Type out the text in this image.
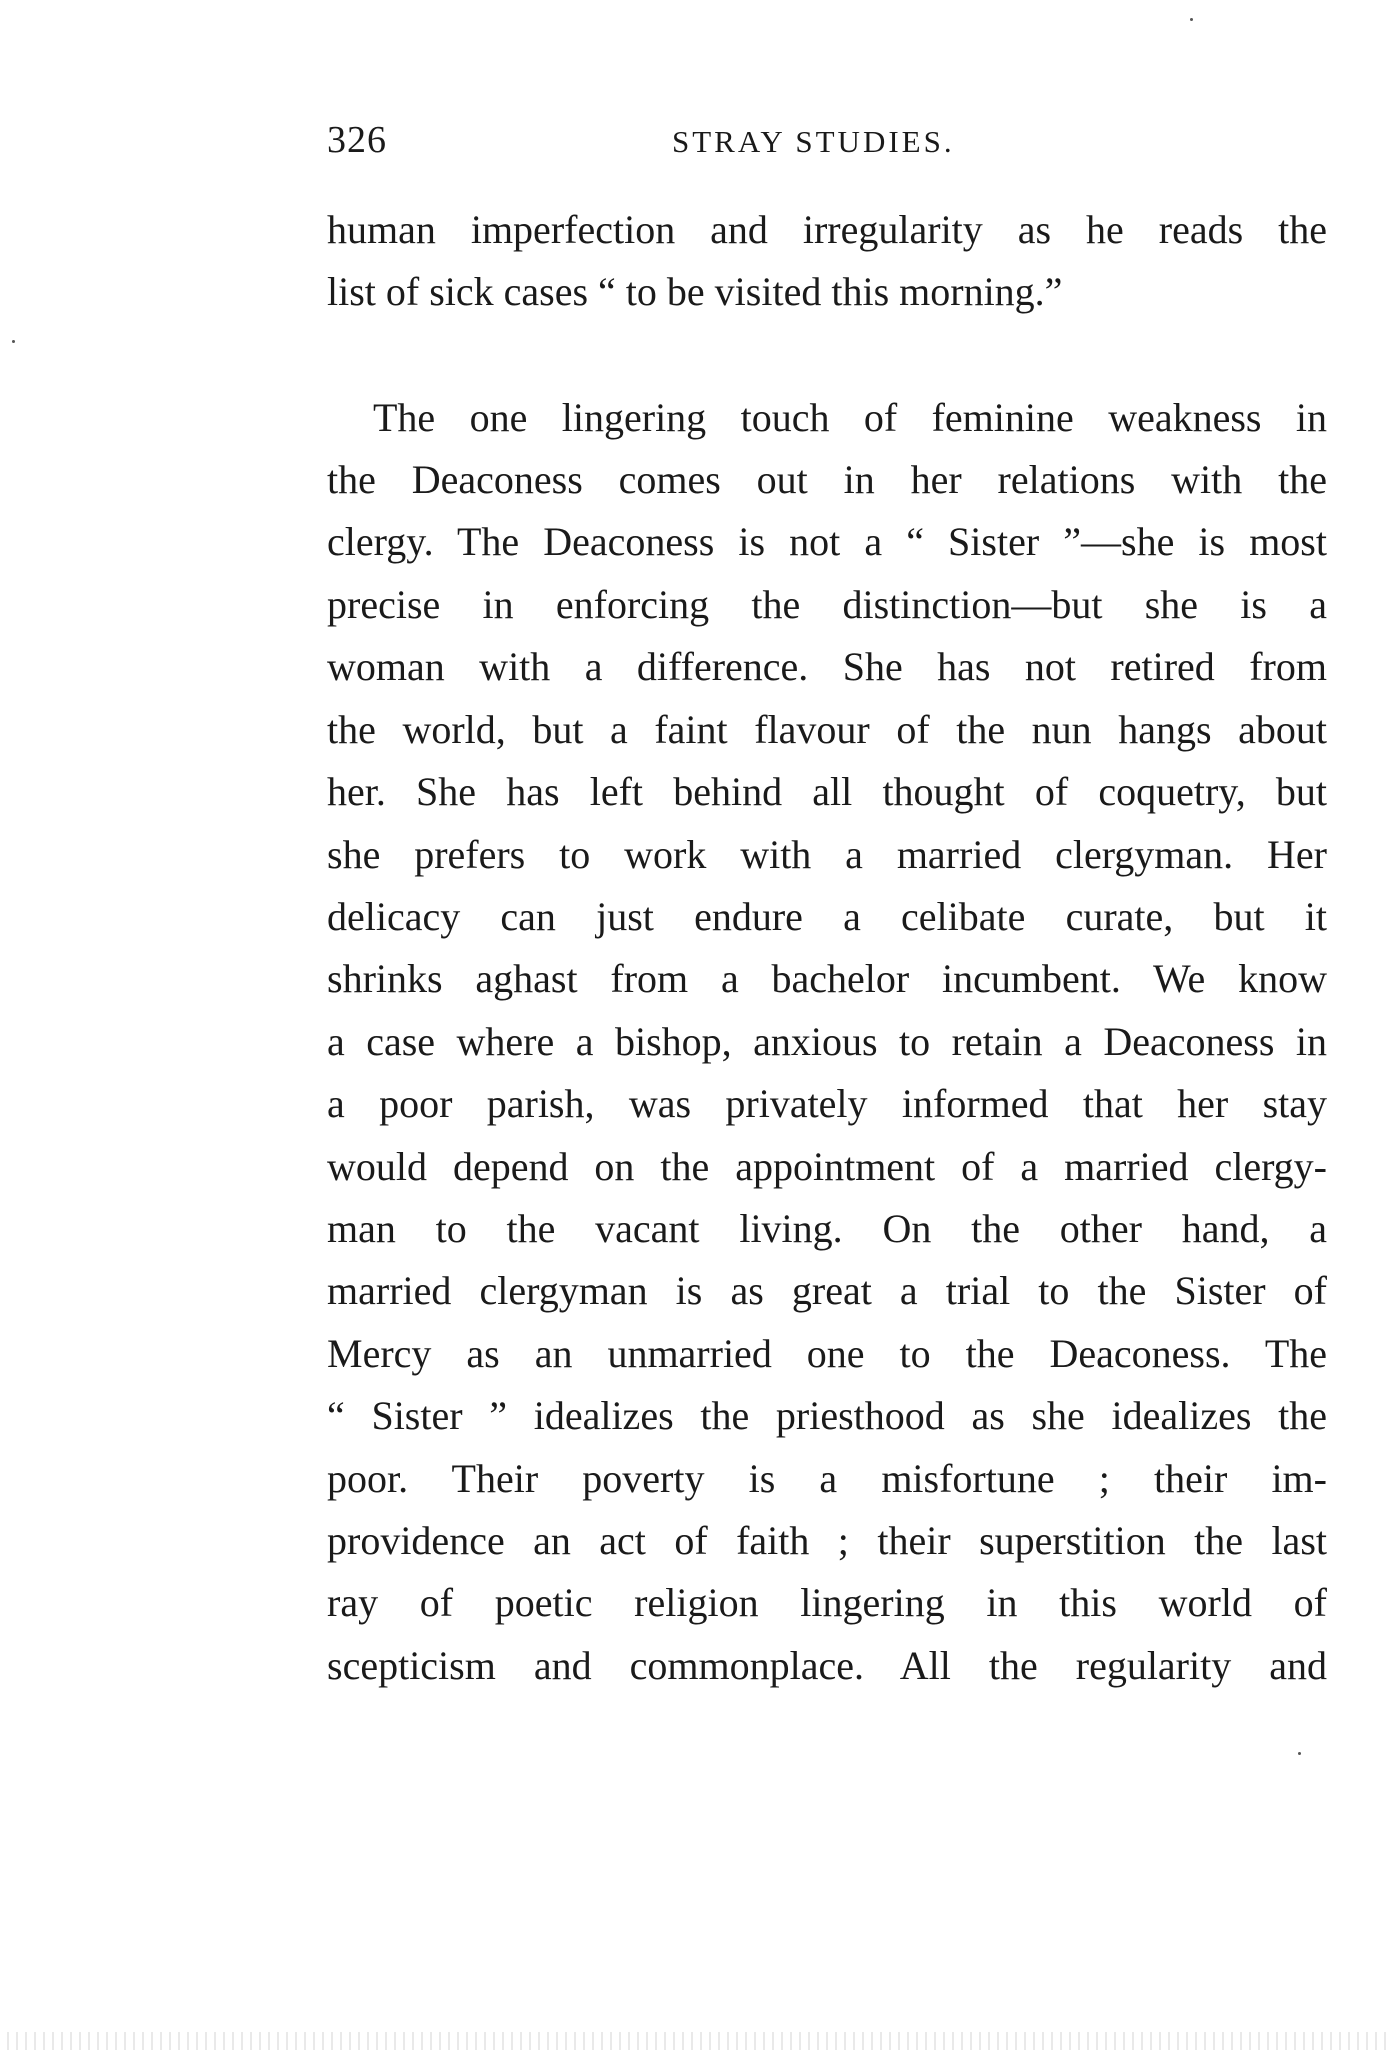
326	STRAY STUDIES.
human imperfection and irregularity as he reads the
list of sick cases “ to be visited this morning.”
The one lingering touch of feminine weakness in
the Deaconess comes out in her relations with the
clergy. The Deaconess is not a “ Sister ”—she is most
precise in enforcing the distinction—but she is a
woman with a difference. She has not retired from
the world, but a faint flavour of the nun hangs about
her. She has left behind all thought of coquetry, but
she prefers to work with a married clergyman. Her
delicacy can just endure a celibate curate, but it
shrinks aghast from a bachelor incumbent. We know
a case where a bishop, anxious to retain a Deaconess in
a poor parish, was privately informed that her stay
would depend on the appointment of a married clergy-
man to the vacant living. On the other hand, a
married clergyman is as great a trial to the Sister of
Mercy as an unmarried one to the Deaconess. The
“ Sister ” idealizes the priesthood as she idealizes the
poor. Their poverty is a misfortune ; their im-
providence an act of faith ; their superstition the last
ray of poetic religion lingering in this world of
scepticism and commonplace. All the regularity and
